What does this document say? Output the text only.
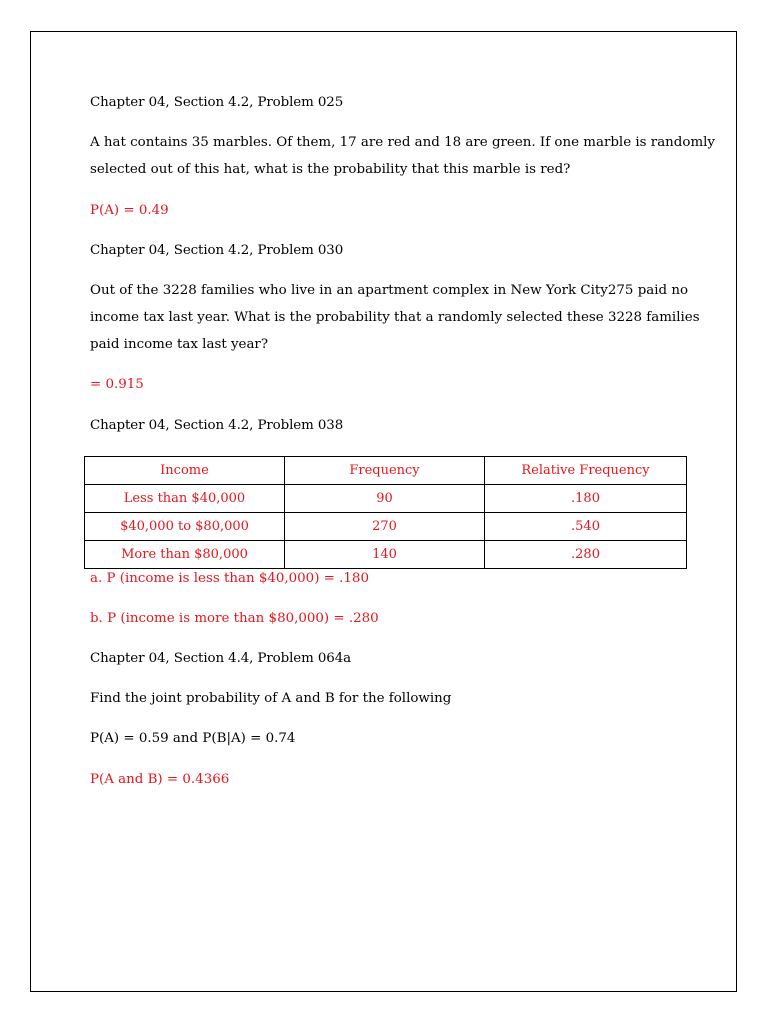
Chapter 04, Section 4.2, Problem 025

A hat contains 35 marbles. Of them, 17 are red and 18 are green. If one marble is randomly

selected out of this hat, what is the probability that this marble is red?

P(A) = 0.49

Chapter 04, Section 4.2, Problem 030

Out of the 3228 families who live in an apartment complex in New York City275 paid no

income tax last year. What is the probability that a randomly selected these 3228 families

paid income tax last year?

= 0.915

Chapter 04, Section 4.2, Problem 038

Income	Frequency	Relative Frequency
Less than $40,000	90	.180
$40,000 to $80,000	270	.540
More than $80,000	140	.280

a. P (income is less than $40,000) = .180

b. P (income is more than $80,000) = .280

Chapter 04, Section 4.4, Problem 064a

Find the joint probability of A and B for the following

P(A) = 0.59 and P(B|A) = 0.74

P(A and B) = 0.4366
